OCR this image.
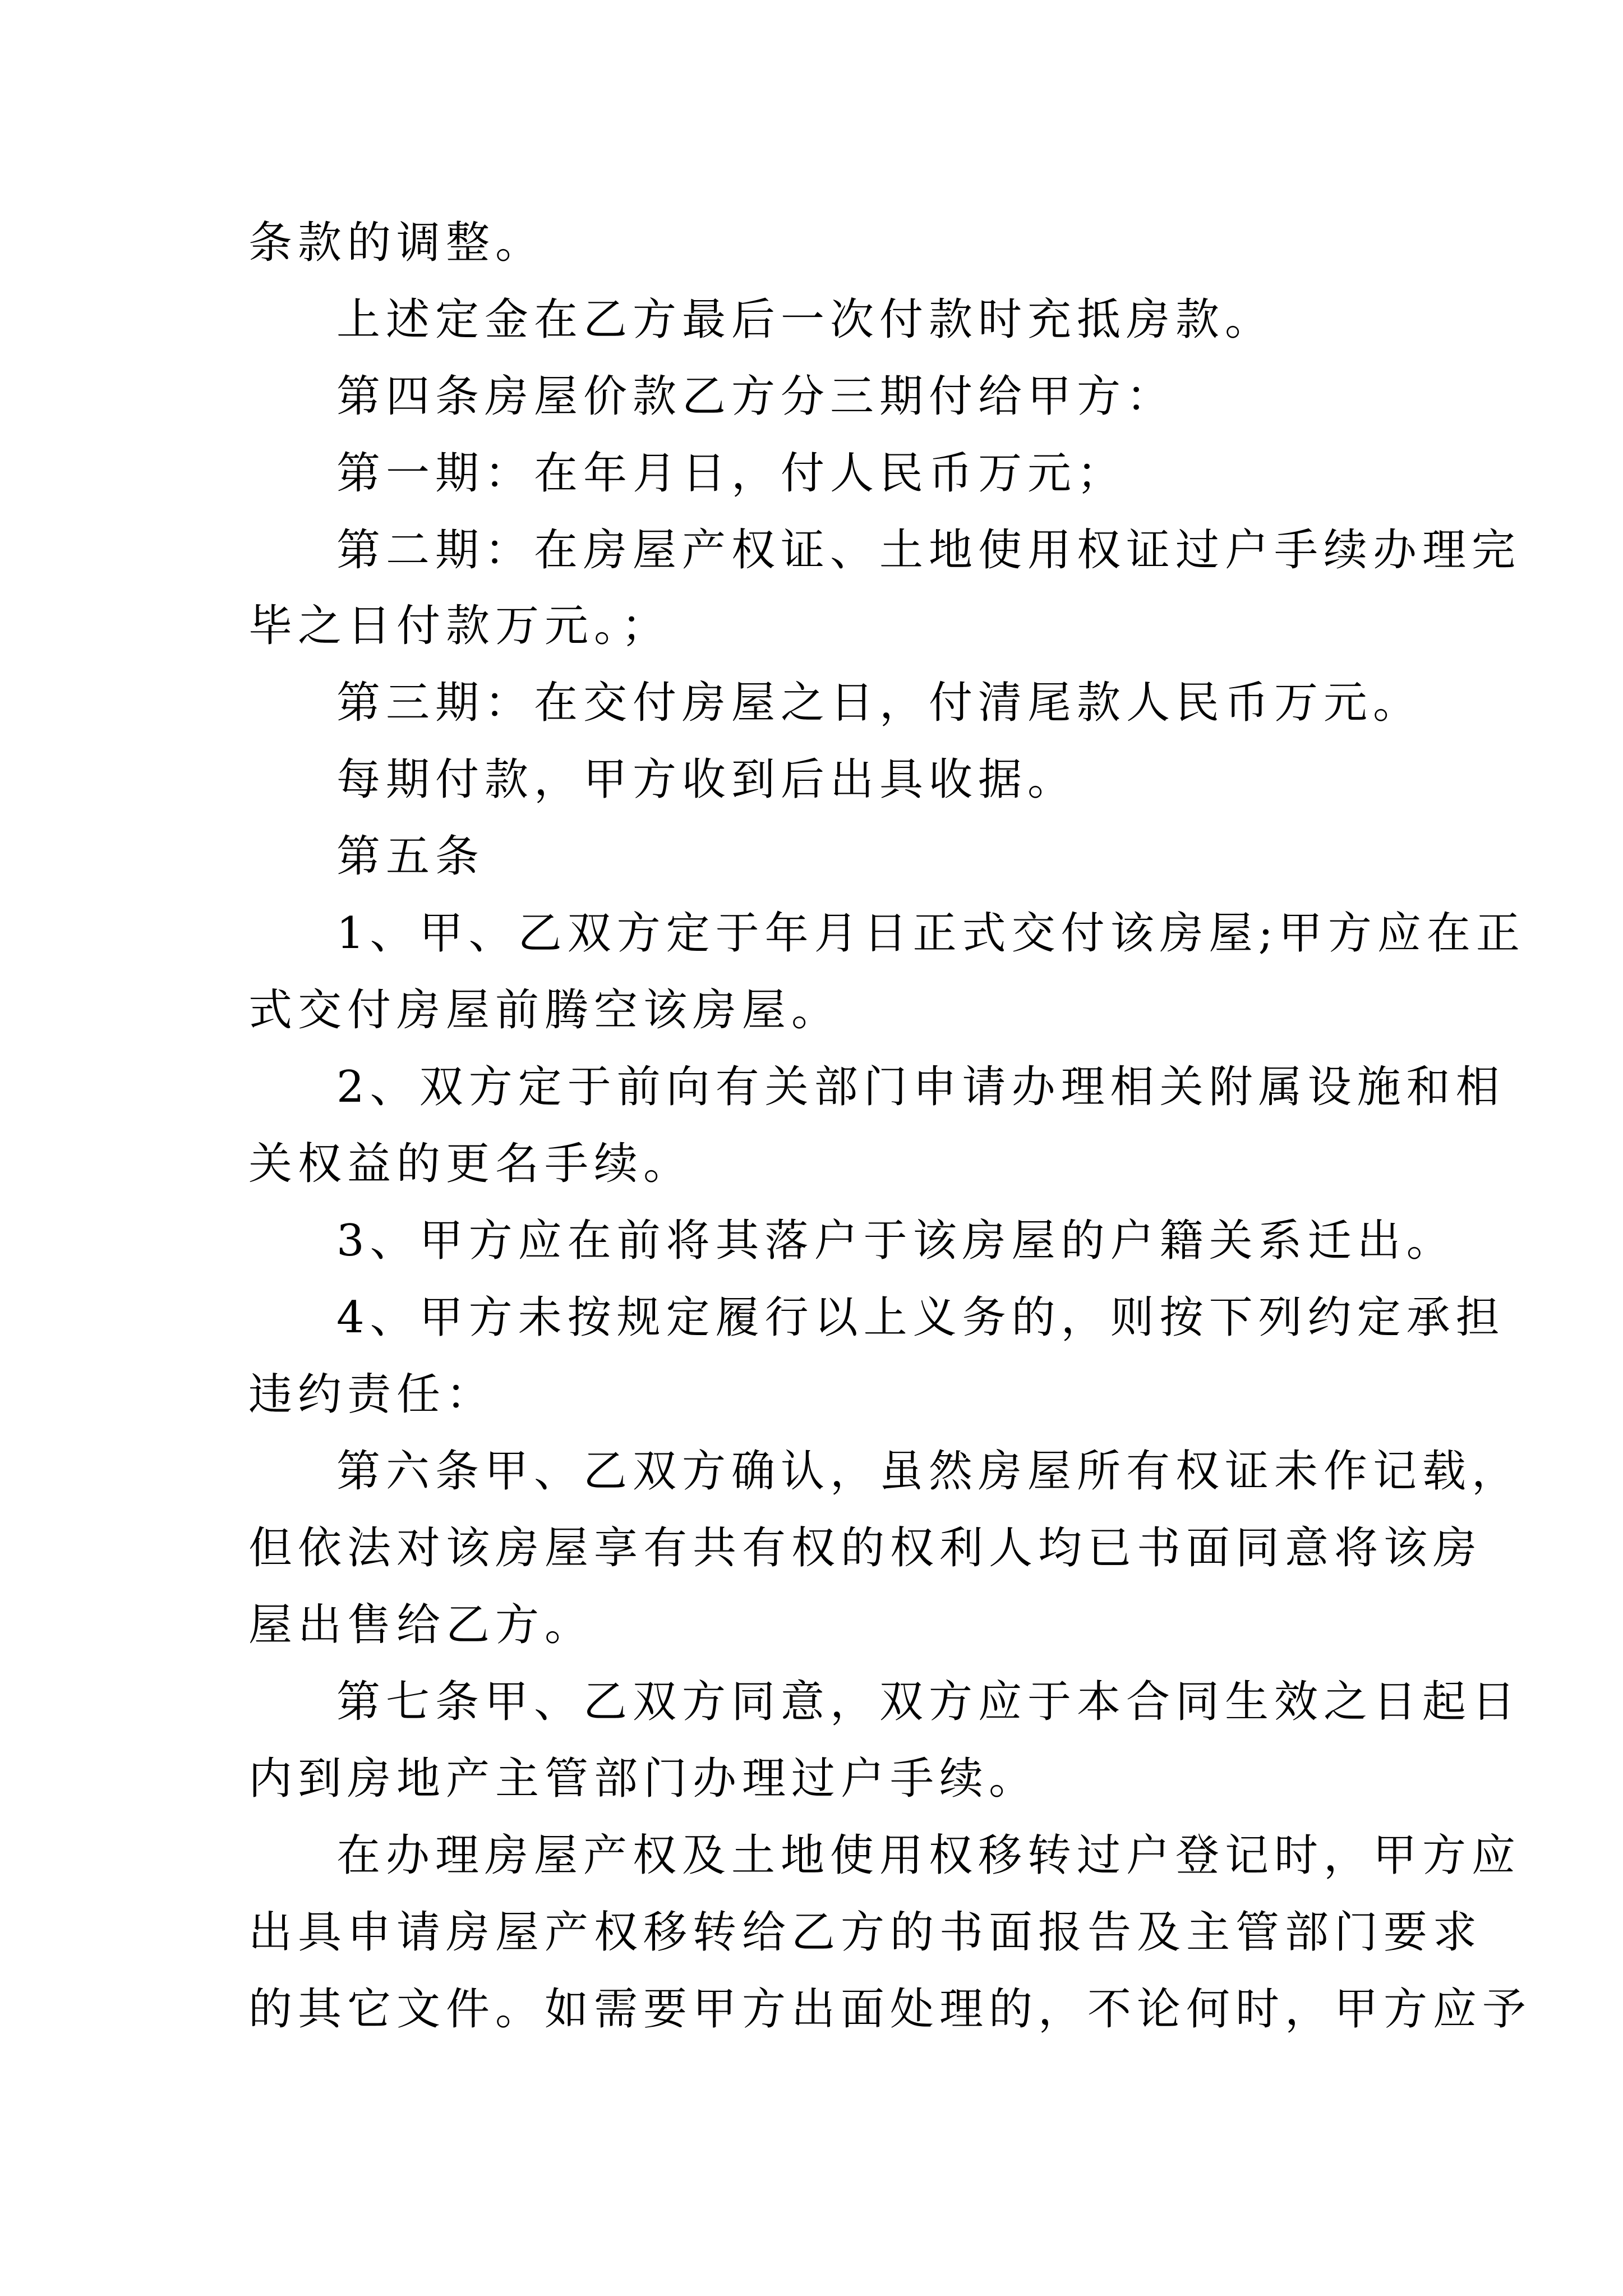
条款的调整。
上述定金在乙方最后一次付款时充抵房款。
第四条房屋价款乙方分三期付给甲方：
第一期：在年月日，付人民币万元；
第二期：在房屋产权证、土地使用权证过户手续办理完
毕之日付款万元。；
第三期：在交付房屋之日，付清尾款人民币万元。
每期付款，甲方收到后出具收据。
第五条
1、甲、乙双方定于年月日正式交付该房屋;甲方应在正
式交付房屋前腾空该房屋。
2、双方定于前向有关部门申请办理相关附属设施和相
关权益的更名手续。
3、甲方应在前将其落户于该房屋的户籍关系迁出。
4、甲方未按规定履行以上义务的，则按下列约定承担
违约责任：
第六条甲、乙双方确认，虽然房屋所有权证未作记载，
但依法对该房屋享有共有权的权利人均已书面同意将该房
屋出售给乙方。
第七条甲、乙双方同意，双方应于本合同生效之日起日
内到房地产主管部门办理过户手续。
在办理房屋产权及土地使用权移转过户登记时，甲方应
出具申请房屋产权移转给乙方的书面报告及主管部门要求
的其它文件。如需要甲方出面处理的，不论何时，甲方应予
